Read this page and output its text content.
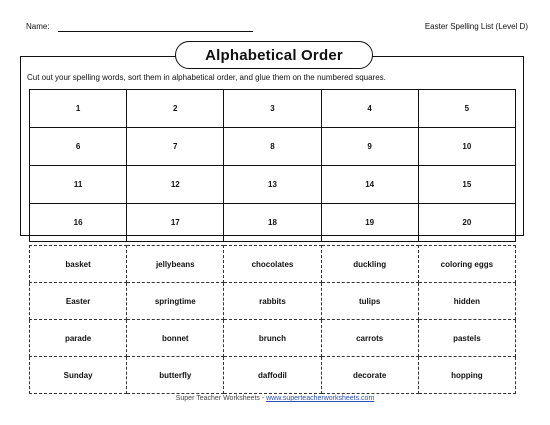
Name:	Easter Spelling List (Level D)
Alphabetical Order
Cut out your spelling words, sort them in alphabetical order, and glue them on the numbered squares.
1	2	3	4	5
6	7	8	9	10
11	12	13	14	15
16	17	18	19	20
basket	jellybeans	chocolates	duckling	coloring eggs
Easter	springtime	rabbits	tulips	hidden
parade	bonnet	brunch	carrots	pastels
Sunday	butterfly	daffodil	decorate	hopping
Super Teacher Worksheets - www.superteacherworksheets.com
